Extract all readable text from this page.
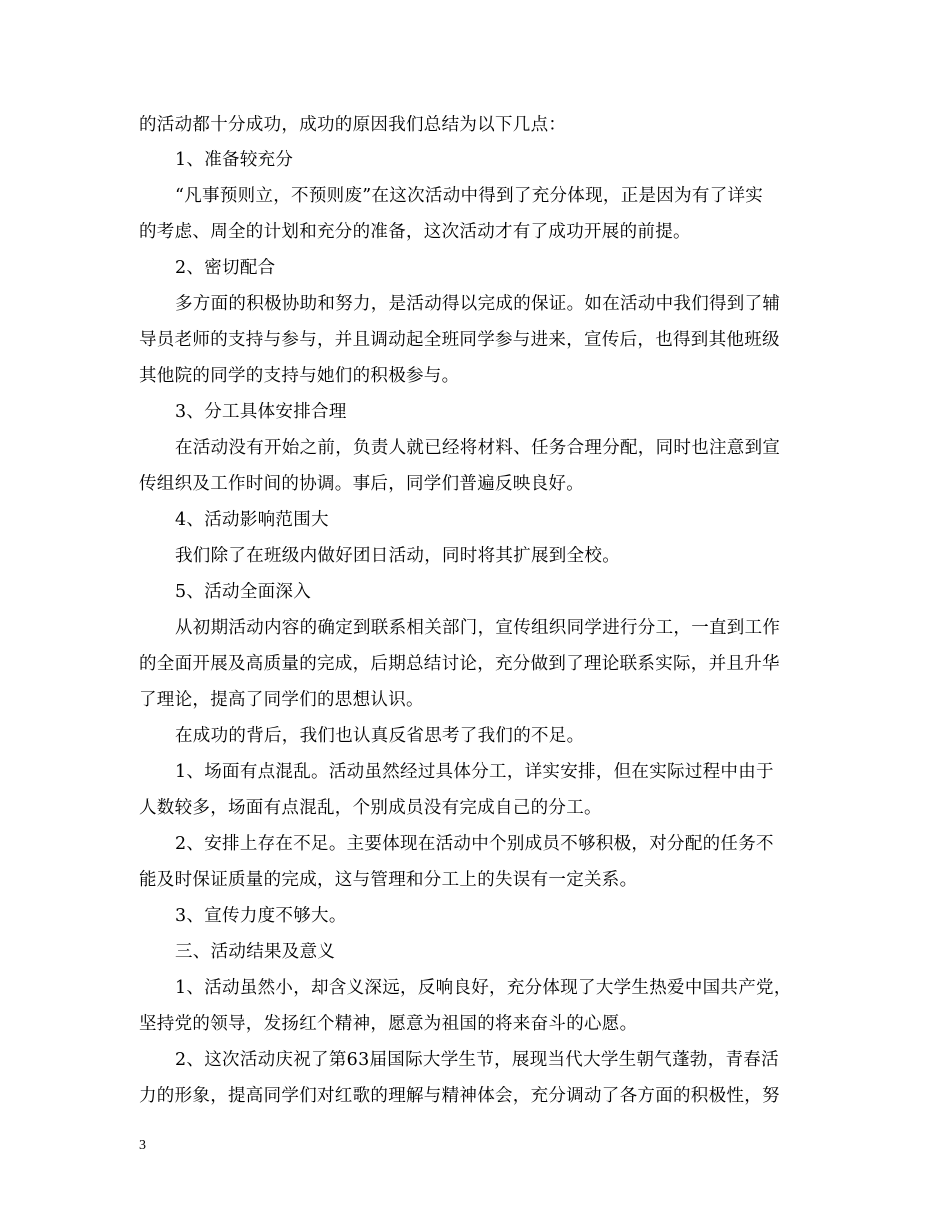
的活动都十分成功，成功的原因我们总结为以下几点：
1、准备较充分
“凡事预则立，不预则废”在这次活动中得到了充分体现，正是因为有了详实
的考虑、周全的计划和充分的准备，这次活动才有了成功开展的前提。
2、密切配合
多方面的积极协助和努力，是活动得以完成的保证。如在活动中我们得到了辅
导员老师的支持与参与，并且调动起全班同学参与进来，宣传后，也得到其他班级
其他院的同学的支持与她们的积极参与。
3、分工具体安排合理
在活动没有开始之前，负责人就已经将材料、任务合理分配，同时也注意到宣
传组织及工作时间的协调。事后，同学们普遍反映良好。
4、活动影响范围大
我们除了在班级内做好团日活动，同时将其扩展到全校。
5、活动全面深入
从初期活动内容的确定到联系相关部门，宣传组织同学进行分工，一直到工作
的全面开展及高质量的完成，后期总结讨论，充分做到了理论联系实际，并且升华
了理论，提高了同学们的思想认识。
在成功的背后，我们也认真反省思考了我们的不足。
1、场面有点混乱。活动虽然经过具体分工，详实安排，但在实际过程中由于
人数较多，场面有点混乱，个别成员没有完成自己的分工。
2、安排上存在不足。主要体现在活动中个别成员不够积极，对分配的任务不
能及时保证质量的完成，这与管理和分工上的失误有一定关系。
3、宣传力度不够大。
三、活动结果及意义
1、活动虽然小，却含义深远，反响良好，充分体现了大学生热爱中国共产党，
坚持党的领导，发扬红个精神，愿意为祖国的将来奋斗的心愿。
2、这次活动庆祝了第63届国际大学生节，展现当代大学生朝气蓬勃，青春活
力的形象，提高同学们对红歌的理解与精神体会，充分调动了各方面的积极性，努
3
